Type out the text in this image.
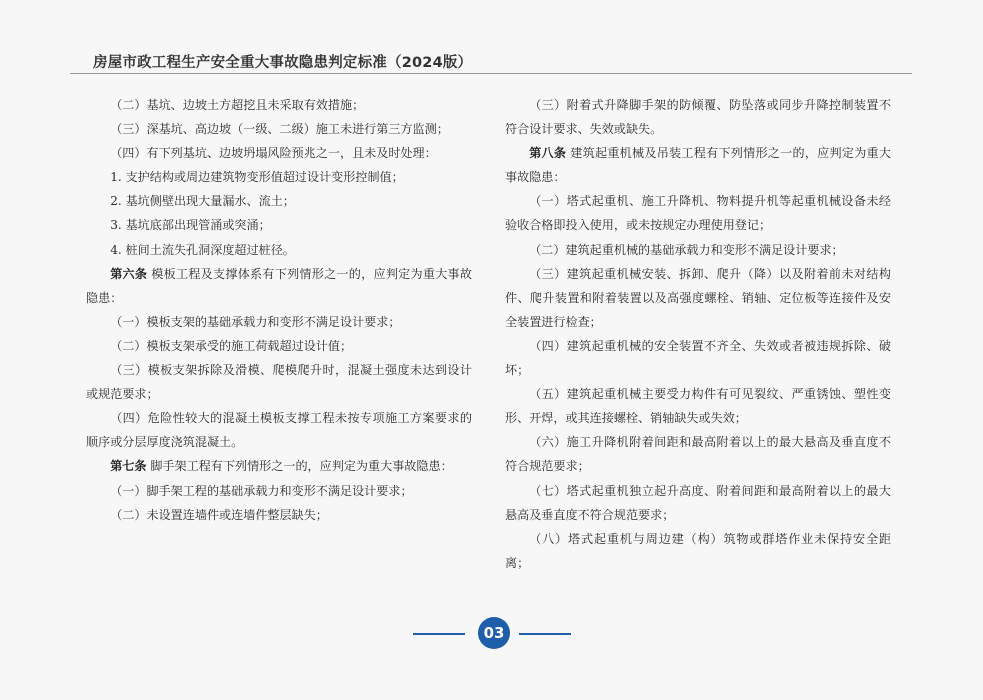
房屋市政工程生产安全重大事故隐患判定标准（2024版）

（二）基坑、边坡土方超挖且未采取有效措施；

（三）深基坑、高边坡（一级、二级）施工未进行第三方监测；

（四）有下列基坑、边坡坍塌风险预兆之一，且未及时处理：

1. 支护结构或周边建筑物变形值超过设计变形控制值；

2. 基坑侧壁出现大量漏水、流土；

3. 基坑底部出现管涌或突涌；

4. 桩间土流失孔洞深度超过桩径。

第六条 模板工程及支撑体系有下列情形之一的，应判定为重大事故隐患：

（一）模板支架的基础承载力和变形不满足设计要求；

（二）模板支架承受的施工荷载超过设计值；

（三）模板支架拆除及滑模、爬模爬升时，混凝土强度未达到设计或规范要求；

（四）危险性较大的混凝土模板支撑工程未按专项施工方案要求的顺序或分层厚度浇筑混凝土。

第七条 脚手架工程有下列情形之一的，应判定为重大事故隐患：

（一）脚手架工程的基础承载力和变形不满足设计要求；

（二）未设置连墙件或连墙件整层缺失；

（三）附着式升降脚手架的防倾覆、防坠落或同步升降控制装置不符合设计要求、失效或缺失。

第八条 建筑起重机械及吊装工程有下列情形之一的，应判定为重大事故隐患：

（一）塔式起重机、施工升降机、物料提升机等起重机械设备未经验收合格即投入使用，或未按规定办理使用登记；

（二）建筑起重机械的基础承载力和变形不满足设计要求；

（三）建筑起重机械安装、拆卸、爬升（降）以及附着前未对结构件、爬升装置和附着装置以及高强度螺栓、销轴、定位板等连接件及安全装置进行检查；

（四）建筑起重机械的安全装置不齐全、失效或者被违规拆除、破坏；

（五）建筑起重机械主要受力构件有可见裂纹、严重锈蚀、塑性变形、开焊，或其连接螺栓、销轴缺失或失效；

（六）施工升降机附着间距和最高附着以上的最大悬高及垂直度不符合规范要求；

（七）塔式起重机独立起升高度、附着间距和最高附着以上的最大悬高及垂直度不符合规范要求；

（八）塔式起重机与周边建（构）筑物或群塔作业未保持安全距离；

03
